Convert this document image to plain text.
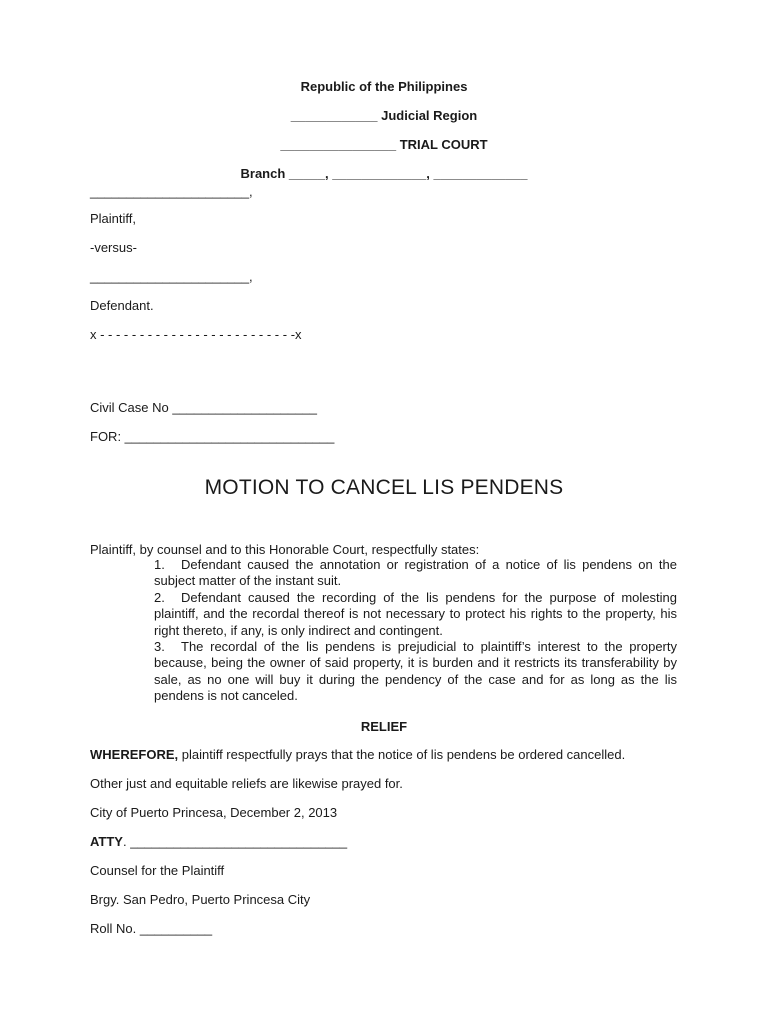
Republic of the Philippines
____________ Judicial Region
________________ TRIAL COURT
Branch _____, _____________, _____________
______________________,
Plaintiff,
-versus-
______________________,
Defendant.
x - - - - - - - - - - - - - - - - - - - - - - - - -x
Civil Case No ____________________
FOR: _____________________________
MOTION TO CANCEL LIS PENDENS
Plaintiff, by counsel and to this Honorable Court, respectfully states:

1. Defendant caused the annotation or registration of a notice of lis pendens on the subject matter of the instant suit.

2. Defendant caused the recording of the lis pendens for the purpose of molesting plaintiff, and the recordal thereof is not necessary to protect his rights to the property, his right thereto, if any, is only indirect and contingent.

3. The recordal of the lis pendens is prejudicial to plaintiff’s interest to the property because, being the owner of said property, it is burden and it restricts its transferability by sale, as no one will buy it during the pendency of the case and for as long as the lis pendens is not canceled.

RELIEF
WHEREFORE, plaintiff respectfully prays that the notice of lis pendens be ordered cancelled.
Other just and equitable reliefs are likewise prayed for.
City of Puerto Princesa, December 2, 2013
ATTY. ______________________________
Counsel for the Plaintiff
Brgy. San Pedro, Puerto Princesa City
Roll No. __________
